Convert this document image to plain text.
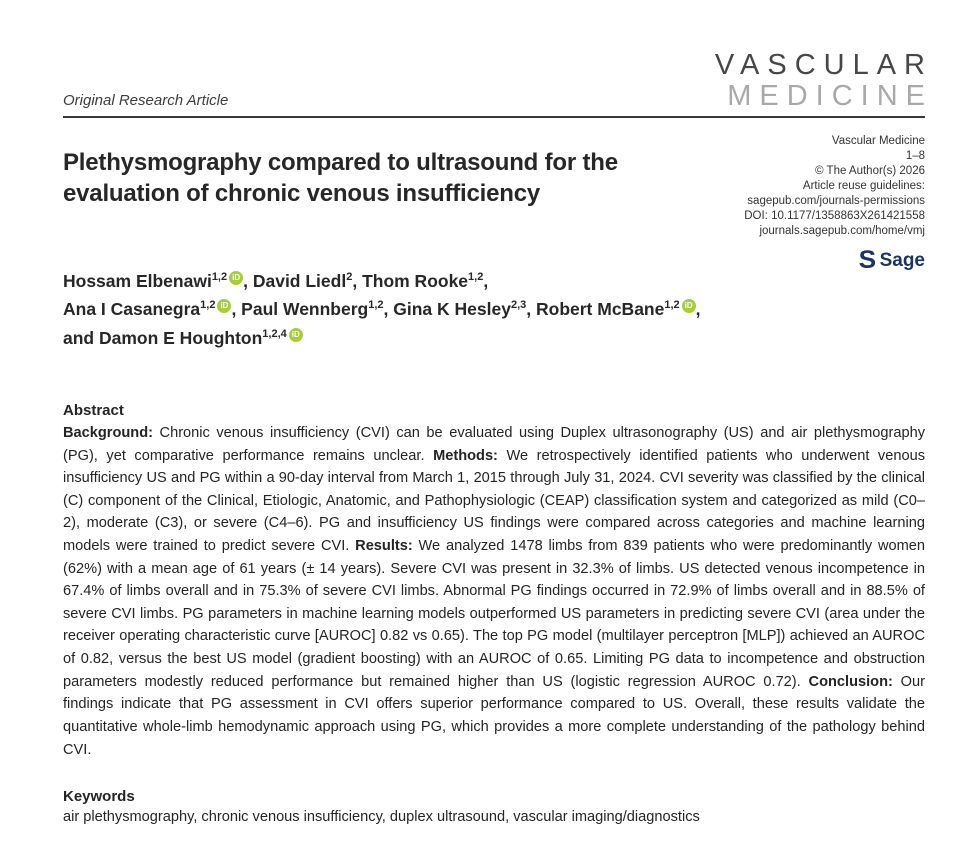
Original Research Article
VASCULAR
MEDICINE
Plethysmography compared to ultrasound for the evaluation of chronic venous insufficiency
Hossam Elbenawi$^{1,2}$ iD , David Liedl$^2$, Thom Rooke$^{1,2}$,
Ana I Casanegra$^{1,2}$ iD , Paul Wennberg$^{1,2}$, Gina K Hesley$^{2,3}$, Robert McBane$^{1,2}$ iD ,
and Damon E Houghton$^{1,2,4}$ iD
Vascular Medicine
1–8
© The Author(s) 2026
Article reuse guidelines:
sagepub.com/journals-permissions
DOI: 10.1177/1358863X261421558
journals.sagepub.com/home/vmj
S Sage
Abstract

Background: Chronic venous insufficiency (CVI) can be evaluated using Duplex ultrasonography (US) and air plethysmography (PG), yet comparative performance remains unclear. Methods: We retrospectively identified patients who underwent venous insufficiency US and PG within a 90-day interval from March 1, 2015 through July 31, 2024. CVI severity was classified by the clinical (C) component of the Clinical, Etiologic, Anatomic, and Pathophysiologic (CEAP) classification system and categorized as mild (C0–2), moderate (C3), or severe (C4–6). PG and insufficiency US findings were compared across categories and machine learning models were trained to predict severe CVI. Results: We analyzed 1478 limbs from 839 patients who were predominantly women (62%) with a mean age of 61 years (± 14 years). Severe CVI was present in 32.3% of limbs. US detected venous incompetence in 67.4% of limbs overall and in 75.3% of severe CVI limbs. Abnormal PG findings occurred in 72.9% of limbs overall and in 88.5% of severe CVI limbs. PG parameters in machine learning models outperformed US parameters in predicting severe CVI (area under the receiver operating characteristic curve [AUROC] 0.82 vs 0.65). The top PG model (multilayer perceptron [MLP]) achieved an AUROC of 0.82, versus the best US model (gradient boosting) with an AUROC of 0.65. Limiting PG data to incompetence and obstruction parameters modestly reduced performance but remained higher than US (logistic regression AUROC 0.72). Conclusion: Our findings indicate that PG assessment in CVI offers superior performance compared to US. Overall, these results validate the quantitative whole-limb hemodynamic approach using PG, which provides a more complete understanding of the pathology behind CVI.

Keywords

air plethysmography, chronic venous insufficiency, duplex ultrasound, vascular imaging/diagnostics
